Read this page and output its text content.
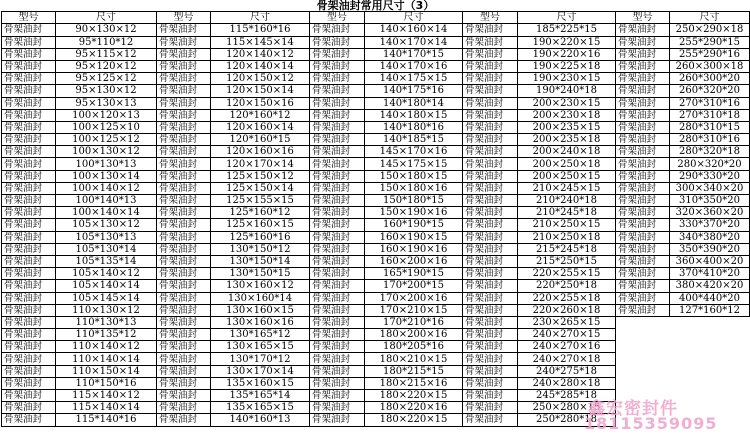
骨架油封常用尺寸（3）									
型号	尺寸	型号	尺寸	型号	尺寸	型号	尺寸	型号	尺寸
骨架油封	90×130×12	骨架油封	115*160*16	骨架油封	140×160×14	骨架油封	185*225*15	骨架油封	250×290×18
骨架油封	95*110*12	骨架油封	115×145×14	骨架油封	140×170×14	骨架油封	190×220×15	骨架油封	255*290*15
骨架油封	95×115×12	骨架油封	120×140×12	骨架油封	140*170*15	骨架油封	190×220×16	骨架油封	255*290*16
骨架油封	95×120×12	骨架油封	120×140×14	骨架油封	140×170×16	骨架油封	190×225×18	骨架油封	260×300×18
骨架油封	95×125×12	骨架油封	120×150×12	骨架油封	140×175×15	骨架油封	190×230×15	骨架油封	260*300*20
骨架油封	95×130×12	骨架油封	120×150×14	骨架油封	140*175*16	骨架油封	190*240*18	骨架油封	260*320*20
骨架油封	95×130×13	骨架油封	120×150×16	骨架油封	140*180*14	骨架油封	200×230×15	骨架油封	270*310*16
骨架油封	100×120×13	骨架油封	120*160*12	骨架油封	140×180×15	骨架油封	200×230×18	骨架油封	270*310*18
骨架油封	100×125×10	骨架油封	120×160×14	骨架油封	140*180*16	骨架油封	200×235×15	骨架油封	280*310*15
骨架油封	100×125×12	骨架油封	120*160*15	骨架油封	140*185*15	骨架油封	200×235×18	骨架油封	280*310*16
骨架油封	100×130×12	骨架油封	120×160×16	骨架油封	145×170×16	骨架油封	200×240×18	骨架油封	280*320*18
骨架油封	100*130*13	骨架油封	120×170×14	骨架油封	145×175×15	骨架油封	200×250×18	骨架油封	280×320*20
骨架油封	100×130×14	骨架油封	125×150×12	骨架油封	150×180×15	骨架油封	200×250×15	骨架油封	290*330*20
骨架油封	100×140×12	骨架油封	125×150×14	骨架油封	150×180×16	骨架油封	210×245×15	骨架油封	300×340×20
骨架油封	100*140*13	骨架油封	125×155×15	骨架油封	150*180*15	骨架油封	210*240*18	骨架油封	310*350*20
骨架油封	100×140×14	骨架油封	125*160*12	骨架油封	150×190×16	骨架油封	210*245*18	骨架油封	320×360×20
骨架油封	105×130×12	骨架油封	125×160×15	骨架油封	160*190*15	骨架油封	210×250×15	骨架油封	330*370*20
骨架油封	105*130*13	骨架油封	125*160*16	骨架油封	160×190×15	骨架油封	210×250×18	骨架油封	340*380*20
骨架油封	105*130*14	骨架油封	130*150*12	骨架油封	160×190×16	骨架油封	215*245*18	骨架油封	350*390*20
骨架油封	105*135*14	骨架油封	130*150*14	骨架油封	160×200×16	骨架油封	215*250*15	骨架油封	360×400×20
骨架油封	105×140×12	骨架油封	130*150*15	骨架油封	165*190*15	骨架油封	220×255×15	骨架油封	370*410*20
骨架油封	105×140×14	骨架油封	130×160×12	骨架油封	170*200*15	骨架油封	220*250*18	骨架油封	380×420×20
骨架油封	105×145×14	骨架油封	130×160*14	骨架油封	170×200×16	骨架油封	220×255×18	骨架油封	400*440*20
骨架油封	110×130×12	骨架油封	130×160×15	骨架油封	170×210×15	骨架油封	220×260×18	骨架油封	127*160*12
骨架油封	110*130*13	骨架油封	130×160×16	骨架油封	170*210*16	骨架油封	230×265×15		
骨架油封	110*135*12	骨架油封	130*165*12	骨架油封	180×200×16	骨架油封	240×270×15		
骨架油封	110×140×12	骨架油封	130×165×15	骨架油封	180*205*16	骨架油封	240×270×16		
骨架油封	110×140×14	骨架油封	130*170*12	骨架油封	180×210×15	骨架油封	240×270×18		
骨架油封	110×150×14	骨架油封	130×170×14	骨架油封	180*215*15	骨架油封	240*275*18		
骨架油封	110*150*16	骨架油封	135×160×15	骨架油封	180×215×16	骨架油封	240×280×18		
骨架油封	115×140×12	骨架油封	135*165*14	骨架油封	180×220×15	骨架油封	245*285*18		
骨架油封	115×140×14	骨架油封	135×165×15	骨架油封	180×220×16	骨架油封	250×280×15		
骨架油封	115*140*16	骨架油封	140*160*13	骨架油封	180×220×15	骨架油封	250*280*18		
鑫宏密封件
18115359095
